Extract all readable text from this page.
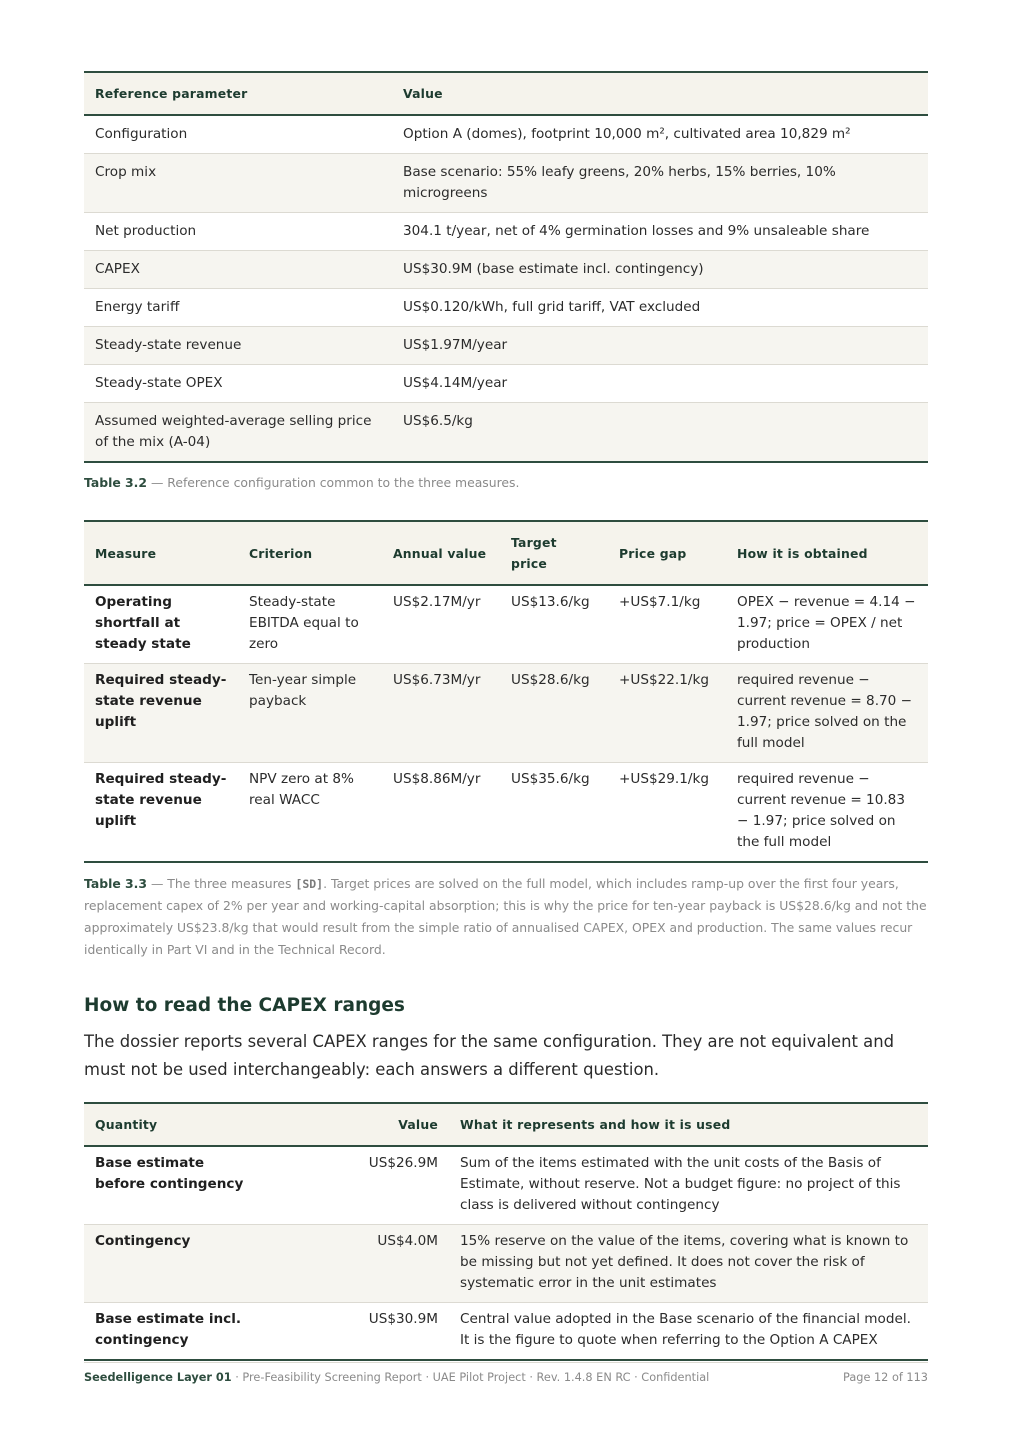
Reference parameter	Value
Configuration	Option A (domes), footprint 10,000 m², cultivated area 10,829 m²
Crop mix	Base scenario: 55% leafy greens, 20% herbs, 15% berries, 10% microgreens
Net production	304.1 t/year, net of 4% germination losses and 9% unsaleable share
CAPEX	US$30.9M (base estimate incl. contingency)
Energy tariff	US$0.120/kWh, full grid tariff, VAT excluded
Steady-state revenue	US$1.97M/year
Steady-state OPEX	US$4.14M/year
Assumed weighted-average selling price of the mix (A-04)	US$6.5/kg
Table 3.2 — Reference configuration common to the three measures.
Measure	Criterion	Annual value	Target price	Price gap	How it is obtained
Operating shortfall at steady state	Steady-state EBITDA equal to zero	US$2.17M/yr	US$13.6/kg	+US$7.1/kg	OPEX − revenue = 4.14 − 1.97; price = OPEX / net production
Required steady-state revenue uplift	Ten-year simple payback	US$6.73M/yr	US$28.6/kg	+US$22.1/kg	required revenue − current revenue = 8.70 − 1.97; price solved on the full model
Required steady-state revenue uplift	NPV zero at 8% real WACC	US$8.86M/yr	US$35.6/kg	+US$29.1/kg	required revenue − current revenue = 10.83 − 1.97; price solved on the full model
Table 3.3 — The three measures [SD]. Target prices are solved on the full model, which includes ramp-up over the first four years, replacement capex of 2% per year and working-capital absorption; this is why the price for ten-year payback is US$28.6/kg and not the approximately US$23.8/kg that would result from the simple ratio of annualised CAPEX, OPEX and production. The same values recur identically in Part VI and in the Technical Record.
How to read the CAPEX ranges
The dossier reports several CAPEX ranges for the same configuration. They are not equivalent and must not be used interchangeably: each answers a different question.
Quantity	Value	What it represents and how it is used
Base estimate before contingency	US$26.9M	Sum of the items estimated with the unit costs of the Basis of Estimate, without reserve. Not a budget figure: no project of this class is delivered without contingency
Contingency	US$4.0M	15% reserve on the value of the items, covering what is known to be missing but not yet defined. It does not cover the risk of systematic error in the unit estimates
Base estimate incl. contingency	US$30.9M	Central value adopted in the Base scenario of the financial model. It is the figure to quote when referring to the Option A CAPEX
Seedelligence Layer 01 · Pre-Feasibility Screening Report · UAE Pilot Project · Rev. 1.4.8 EN RC · Confidential	Page 12 of 113
